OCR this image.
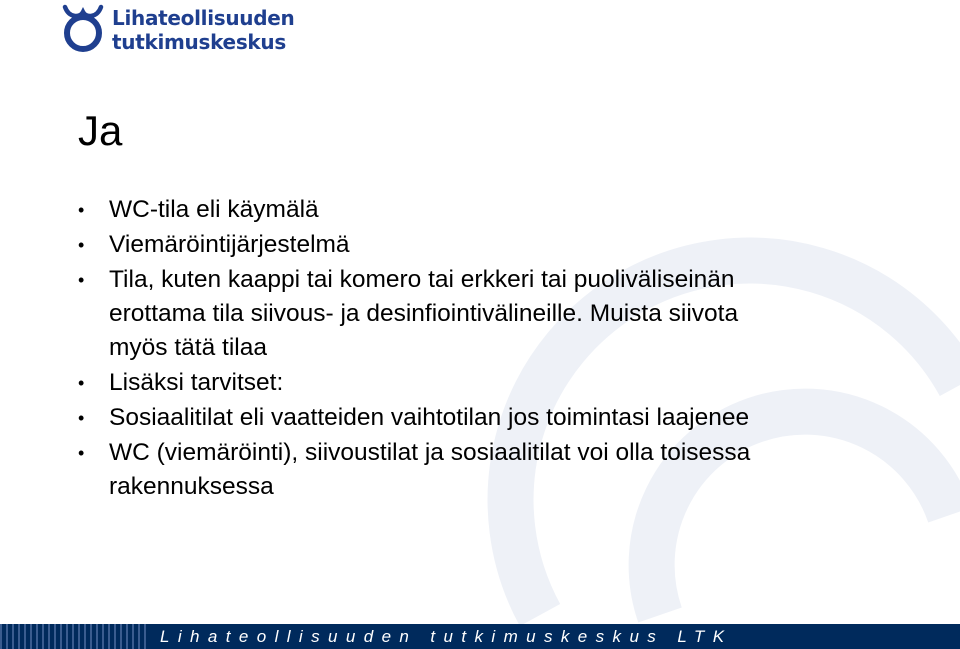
Lihateollisuuden
tutkimuskeskus
Ja
• WC-tila eli käymälä
• Viemäröintijärjestelmä
• Tila, kuten kaappi tai komero tai erkkeri tai puoliväliseinän erottama tila siivous- ja desinfiointivälineille. Muista siivota myös tätä tilaa
• Lisäksi tarvitset:
• Sosiaalitilat eli vaatteiden vaihtotilan jos toimintasi laajenee
• WC (viemäröinti), siivoustilat ja sosiaalitilat voi olla toisessa rakennuksessa
Lihateollisuuden tutkimuskeskus LTK
